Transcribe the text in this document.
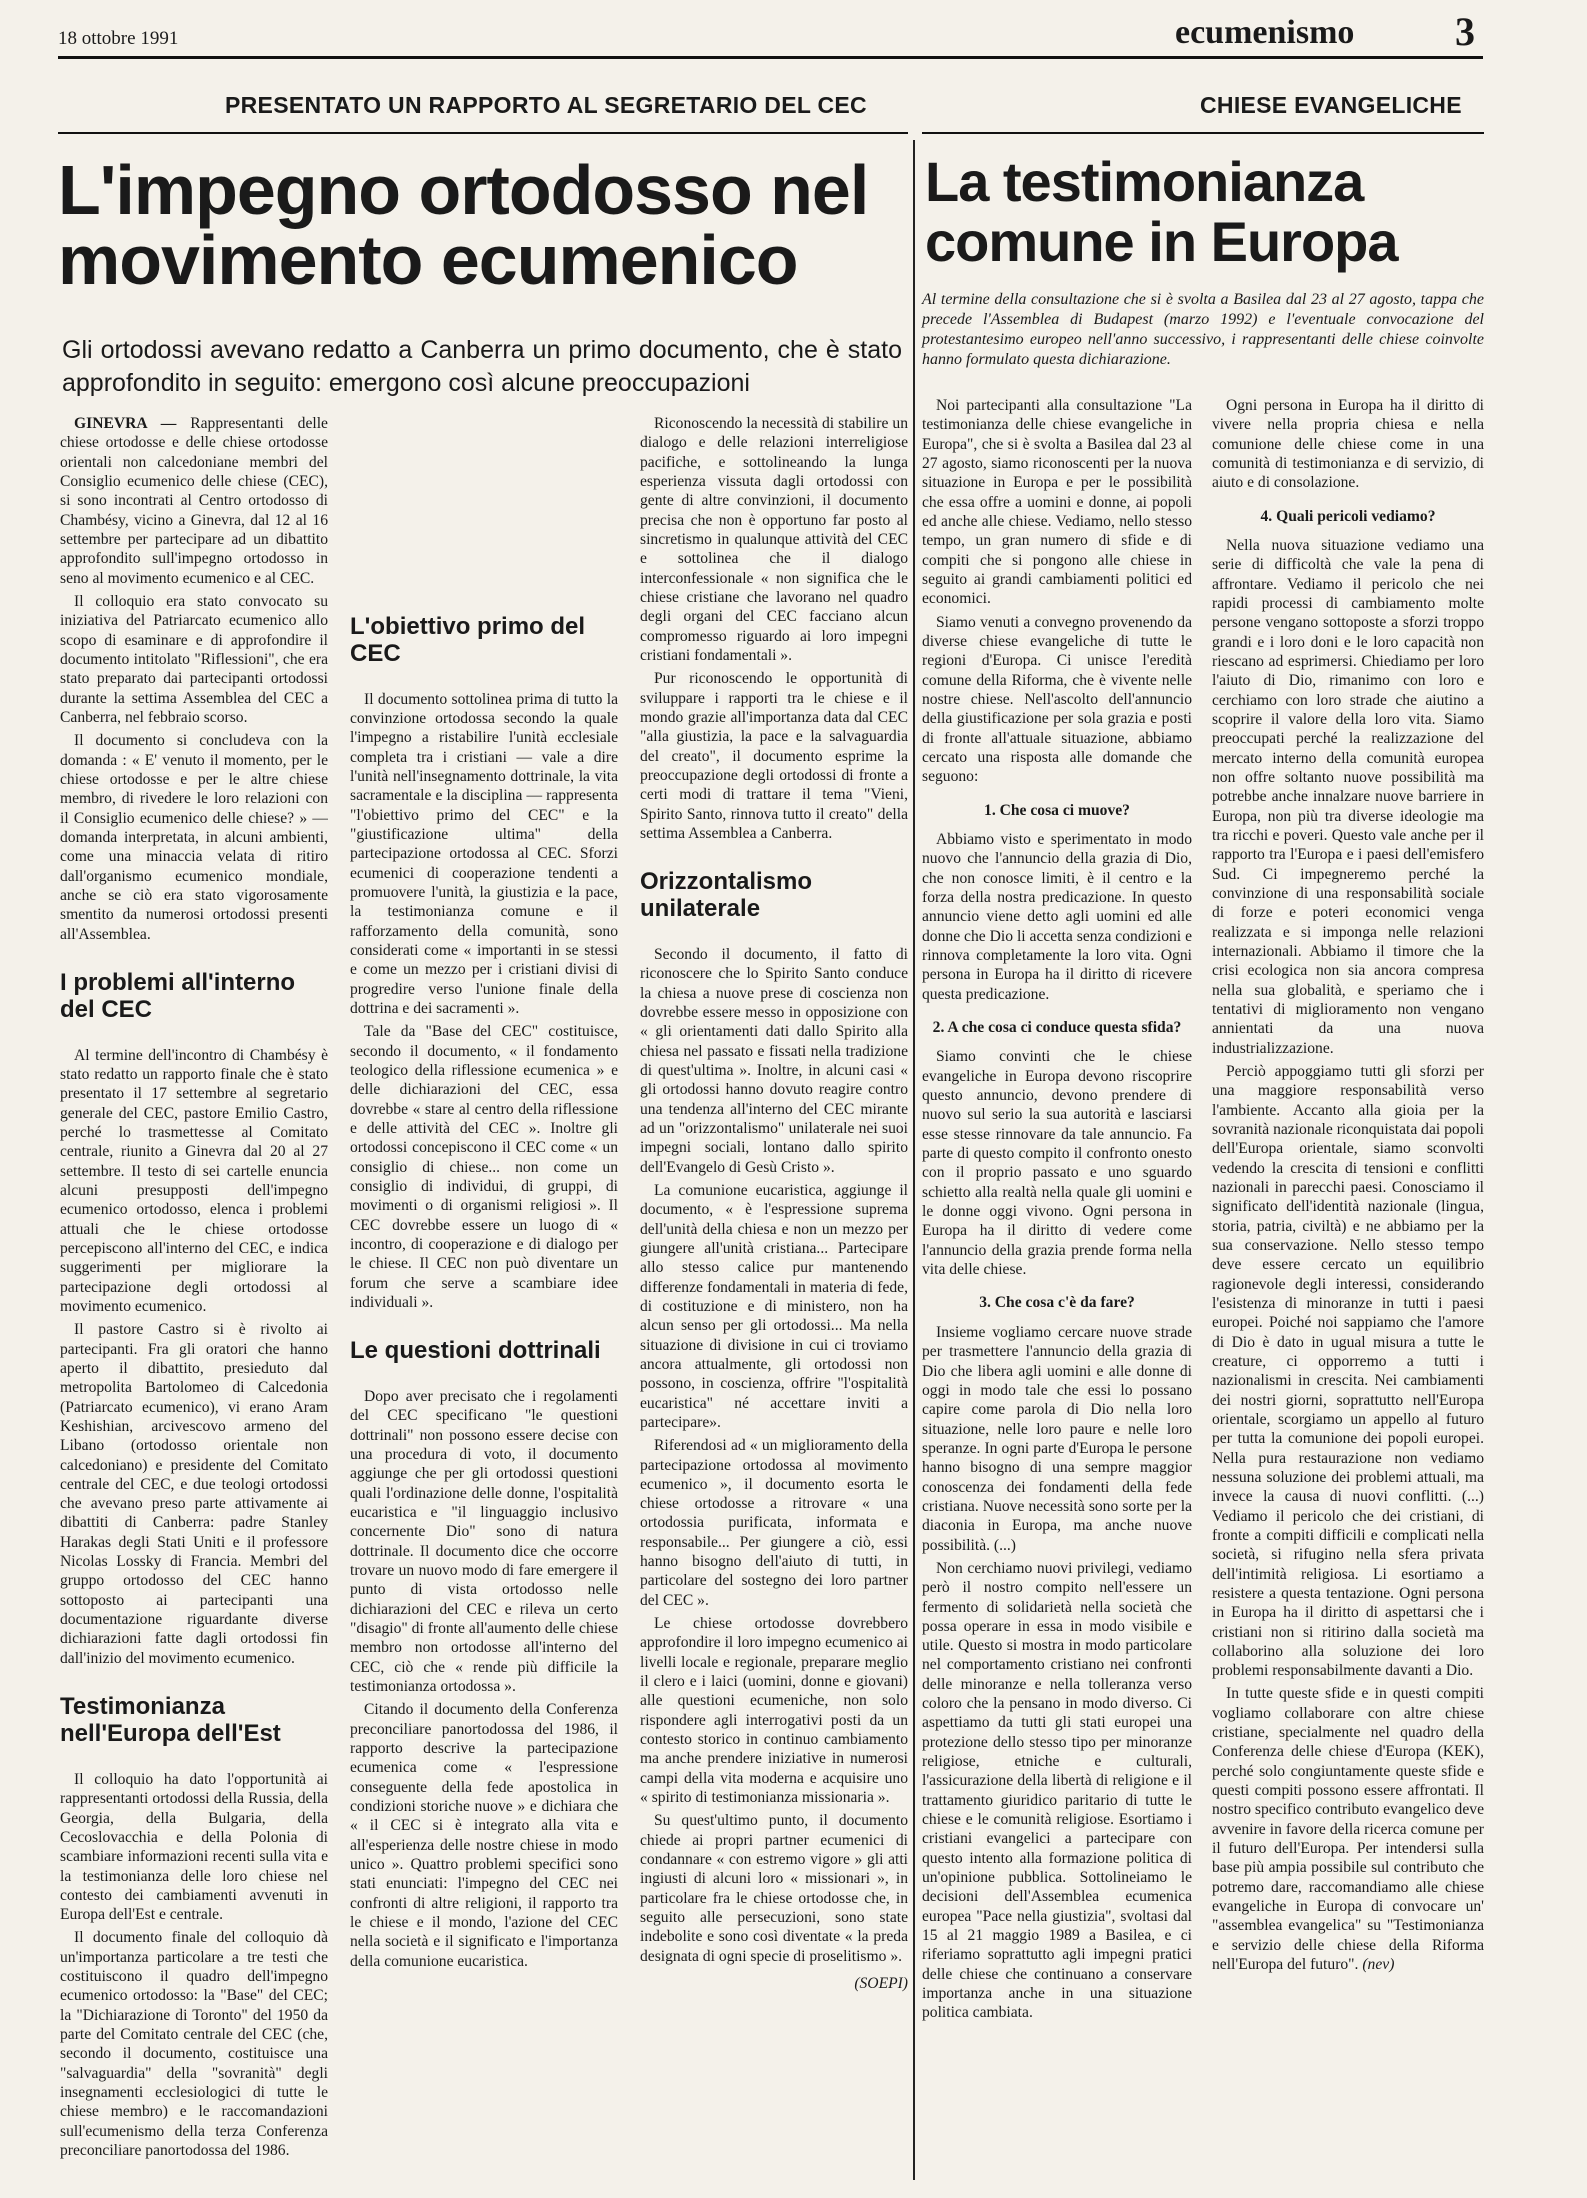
18 ottobre 1991	ecumenismo	3
PRESENTATO UN RAPPORTO AL SEGRETARIO DEL CEC	CHIESE EVANGELICHE
L'impegno ortodosso nel movimento ecumenico
La testimonianza comune in Europa
Gli ortodossi avevano redatto a Canberra un primo documento, che è stato approfondito in seguito: emergono così alcune preoccupazioni
Al termine della consultazione che si è svolta a Basilea dal 23 al 27 agosto, tappa che precede l'Assemblea di Budapest (marzo 1992) e l'eventuale convocazione del protestantesimo europeo nell'anno successivo, i rappresentanti delle chiese coinvolte hanno formulato questa dichiarazione.

GINEVRA — Rappresentanti delle chiese ortodosse e delle chiese ortodosse orientali non calcedoniane membri del Consiglio ecumenico delle chiese (CEC), si sono incontrati al Centro ortodosso di Chambésy, vicino a Ginevra, dal 12 al 16 settembre per partecipare ad un dibattito approfondito sull'impegno ortodosso in seno al movimento ecumenico e al CEC.

Il colloquio era stato convocato su iniziativa del Patriarcato ecumenico allo scopo di esaminare e di approfondire il documento intitolato "Riflessioni", che era stato preparato dai partecipanti ortodossi durante la settima Assemblea del CEC a Canberra, nel febbraio scorso.

Il documento si concludeva con la domanda : « E' venuto il momento, per le chiese ortodosse e per le altre chiese membro, di rivedere le loro relazioni con il Consiglio ecumenico delle chiese? » — domanda interpretata, in alcuni ambienti, come una minaccia velata di ritiro dall'organismo ecumenico mondiale, anche se ciò era stato vigorosamente smentito da numerosi ortodossi presenti all'Assemblea.

I problemi all'interno del CEC

Al termine dell'incontro di Chambésy è stato redatto un rapporto finale che è stato presentato il 17 settembre al segretario generale del CEC, pastore Emilio Castro, perché lo trasmettesse al Comitato centrale, riunito a Ginevra dal 20 al 27 settembre. Il testo di sei cartelle enuncia alcuni presupposti dell'impegno ecumenico ortodosso, elenca i problemi attuali che le chiese ortodosse percepiscono all'interno del CEC, e indica suggerimenti per migliorare la partecipazione degli ortodossi al movimento ecumenico.

Il pastore Castro si è rivolto ai partecipanti. Fra gli oratori che hanno aperto il dibattito, presieduto dal metropolita Bartolomeo di Calcedonia (Patriarcato ecumenico), vi erano Aram Keshishian, arcivescovo armeno del Libano (ortodosso orientale non calcedoniano) e presidente del Comitato centrale del CEC, e due teologi ortodossi che avevano preso parte attivamente ai dibattiti di Canberra: padre Stanley Harakas degli Stati Uniti e il professore Nicolas Lossky di Francia. Membri del gruppo ortodosso del CEC hanno sottoposto ai partecipanti una documentazione riguardante diverse dichiarazioni fatte dagli ortodossi fin dall'inizio del movimento ecumenico.

Testimonianza nell'Europa dell'Est

Il colloquio ha dato l'opportunità ai rappresentanti ortodossi della Russia, della Georgia, della Bulgaria, della Cecoslovacchia e della Polonia di scambiare informazioni recenti sulla vita e la testimonianza delle loro chiese nel contesto dei cambiamenti avvenuti in Europa dell'Est e centrale.

Il documento finale del colloquio dà un'importanza particolare a tre testi che costituiscono il quadro dell'impegno ecumenico ortodosso: la "Base" del CEC; la "Dichiarazione di Toronto" del 1950 da parte del Comitato centrale del CEC (che, secondo il documento, costituisce una "salvaguardia" della "sovranità" degli insegnamenti ecclesiologici di tutte le chiese membro) e le raccomandazioni sull'ecumenismo della terza Conferenza preconciliare panortodossa del 1986.

L'obiettivo primo del CEC

Il documento sottolinea prima di tutto la convinzione ortodossa secondo la quale l'impegno a ristabilire l'unità ecclesiale completa tra i cristiani — vale a dire l'unità nell'insegnamento dottrinale, la vita sacramentale e la disciplina — rappresenta "l'obiettivo primo del CEC" e la "giustificazione ultima" della partecipazione ortodossa al CEC. Sforzi ecumenici di cooperazione tendenti a promuovere l'unità, la giustizia e la pace, la testimonianza comune e il rafforzamento della comunità, sono considerati come « importanti in se stessi e come un mezzo per i cristiani divisi di progredire verso l'unione finale della dottrina e dei sacramenti ».

Tale da "Base del CEC" costituisce, secondo il documento, « il fondamento teologico della riflessione ecumenica » e delle dichiarazioni del CEC, essa dovrebbe « stare al centro della riflessione e delle attività del CEC ». Inoltre gli ortodossi concepiscono il CEC come « un consiglio di chiese... non come un consiglio di individui, di gruppi, di movimenti o di organismi religiosi ». Il CEC dovrebbe essere un luogo di « incontro, di cooperazione e di dialogo per le chiese. Il CEC non può diventare un forum che serve a scambiare idee individuali ».

Le questioni dottrinali

Dopo aver precisato che i regolamenti del CEC specificano "le questioni dottrinali" non possono essere decise con una procedura di voto, il documento aggiunge che per gli ortodossi questioni quali l'ordinazione delle donne, l'ospitalità eucaristica e "il linguaggio inclusivo concernente Dio" sono di natura dottrinale. Il documento dice che occorre trovare un nuovo modo di fare emergere il punto di vista ortodosso nelle dichiarazioni del CEC e rileva un certo "disagio" di fronte all'aumento delle chiese membro non ortodosse all'interno del CEC, ciò che « rende più difficile la testimonianza ortodossa ».

Citando il documento della Conferenza preconciliare panortodossa del 1986, il rapporto descrive la partecipazione ecumenica come « l'espressione conseguente della fede apostolica in condizioni storiche nuove » e dichiara che « il CEC si è integrato alla vita e all'esperienza delle nostre chiese in modo unico ». Quattro problemi specifici sono stati enunciati: l'impegno del CEC nei confronti di altre religioni, il rapporto tra le chiese e il mondo, l'azione del CEC nella società e il significato e l'importanza della comunione eucaristica.

Riconoscendo la necessità di stabilire un dialogo e delle relazioni interreligiose pacifiche, e sottolineando la lunga esperienza vissuta dagli ortodossi con gente di altre convinzioni, il documento precisa che non è opportuno far posto al sincretismo in qualunque attività del CEC e sottolinea che il dialogo interconfessionale « non significa che le chiese cristiane che lavorano nel quadro degli organi del CEC facciano alcun compromesso riguardo ai loro impegni cristiani fondamentali ».

Pur riconoscendo le opportunità di sviluppare i rapporti tra le chiese e il mondo grazie all'importanza data dal CEC "alla giustizia, la pace e la salvaguardia del creato", il documento esprime la preoccupazione degli ortodossi di fronte a certi modi di trattare il tema "Vieni, Spirito Santo, rinnova tutto il creato" della settima Assemblea a Canberra.

Orizzontalismo unilaterale

Secondo il documento, il fatto di riconoscere che lo Spirito Santo conduce la chiesa a nuove prese di coscienza non dovrebbe essere messo in opposizione con « gli orientamenti dati dallo Spirito alla chiesa nel passato e fissati nella tradizione di quest'ultima ». Inoltre, in alcuni casi « gli ortodossi hanno dovuto reagire contro una tendenza all'interno del CEC mirante ad un "orizzontalismo" unilaterale nei suoi impegni sociali, lontano dallo spirito dell'Evangelo di Gesù Cristo ».

La comunione eucaristica, aggiunge il documento, « è l'espressione suprema dell'unità della chiesa e non un mezzo per giungere all'unità cristiana... Partecipare allo stesso calice pur mantenendo differenze fondamentali in materia di fede, di costituzione e di ministero, non ha alcun senso per gli ortodossi... Ma nella situazione di divisione in cui ci troviamo ancora attualmente, gli ortodossi non possono, in coscienza, offrire "l'ospitalità eucaristica" né accettare inviti a partecipare».

Riferendosi ad « un miglioramento della partecipazione ortodossa al movimento ecumenico », il documento esorta le chiese ortodosse a ritrovare « una ortodossia purificata, informata e responsabile... Per giungere a ciò, essi hanno bisogno dell'aiuto di tutti, in particolare del sostegno dei loro partner del CEC ».

Le chiese ortodosse dovrebbero approfondire il loro impegno ecumenico ai livelli locale e regionale, preparare meglio il clero e i laici (uomini, donne e giovani) alle questioni ecumeniche, non solo rispondere agli interrogativi posti da un contesto storico in continuo cambiamento ma anche prendere iniziative in numerosi campi della vita moderna e acquisire uno « spirito di testimonianza missionaria ».

Su quest'ultimo punto, il documento chiede ai propri partner ecumenici di condannare « con estremo vigore » gli atti ingiusti di alcuni loro « missionari », in particolare fra le chiese ortodosse che, in seguito alle persecuzioni, sono state indebolite e sono così diventate « la preda designata di ogni specie di proselitismo ».

(SOEPI)

Noi partecipanti alla consultazione "La testimonianza delle chiese evangeliche in Europa", che si è svolta a Basilea dal 23 al 27 agosto, siamo riconoscenti per la nuova situazione in Europa e per le possibilità che essa offre a uomini e donne, ai popoli ed anche alle chiese. Vediamo, nello stesso tempo, un gran numero di sfide e di compiti che si pongono alle chiese in seguito ai grandi cambiamenti politici ed economici.

Siamo venuti a convegno provenendo da diverse chiese evangeliche di tutte le regioni d'Europa. Ci unisce l'eredità comune della Riforma, che è vivente nelle nostre chiese. Nell'ascolto dell'annuncio della giustificazione per sola grazia e posti di fronte all'attuale situazione, abbiamo cercato una risposta alle domande che seguono:

1. Che cosa ci muove?

Abbiamo visto e sperimentato in modo nuovo che l'annuncio della grazia di Dio, che non conosce limiti, è il centro e la forza della nostra predicazione. In questo annuncio viene detto agli uomini ed alle donne che Dio li accetta senza condizioni e rinnova completamente la loro vita. Ogni persona in Europa ha il diritto di ricevere questa predicazione.

2. A che cosa ci conduce questa sfida?

Siamo convinti che le chiese evangeliche in Europa devono riscoprire questo annuncio, devono prendere di nuovo sul serio la sua autorità e lasciarsi esse stesse rinnovare da tale annuncio. Fa parte di questo compito il confronto onesto con il proprio passato e uno sguardo schietto alla realtà nella quale gli uomini e le donne oggi vivono. Ogni persona in Europa ha il diritto di vedere come l'annuncio della grazia prende forma nella vita delle chiese.

3. Che cosa c'è da fare?

Insieme vogliamo cercare nuove strade per trasmettere l'annuncio della grazia di Dio che libera agli uomini e alle donne di oggi in modo tale che essi lo possano capire come parola di Dio nella loro situazione, nelle loro paure e nelle loro speranze. In ogni parte d'Europa le persone hanno bisogno di una sempre maggior conoscenza dei fondamenti della fede cristiana. Nuove necessità sono sorte per la diaconia in Europa, ma anche nuove possibilità. (...)

Non cerchiamo nuovi privilegi, vediamo però il nostro compito nell'essere un fermento di solidarietà nella società che possa operare in essa in modo visibile e utile. Questo si mostra in modo particolare nel comportamento cristiano nei confronti delle minoranze e nella tolleranza verso coloro che la pensano in modo diverso. Ci aspettiamo da tutti gli stati europei una protezione dello stesso tipo per minoranze religiose, etniche e culturali, l'assicurazione della libertà di religione e il trattamento giuridico paritario di tutte le chiese e le comunità religiose. Esortiamo i cristiani evangelici a partecipare con questo intento alla formazione politica di un'opinione pubblica. Sottolineiamo le decisioni dell'Assemblea ecumenica europea "Pace nella giustizia", svoltasi dal 15 al 21 maggio 1989 a Basilea, e ci riferiamo soprattutto agli impegni pratici delle chiese che continuano a conservare importanza anche in una situazione politica cambiata.

Ogni persona in Europa ha il diritto di vivere nella propria chiesa e nella comunione delle chiese come in una comunità di testimonianza e di servizio, di aiuto e di consolazione.

4. Quali pericoli vediamo?

Nella nuova situazione vediamo una serie di difficoltà che vale la pena di affrontare. Vediamo il pericolo che nei rapidi processi di cambiamento molte persone vengano sottoposte a sforzi troppo grandi e i loro doni e le loro capacità non riescano ad esprimersi. Chiediamo per loro l'aiuto di Dio, rimanimo con loro e cerchiamo con loro strade che aiutino a scoprire il valore della loro vita. Siamo preoccupati perché la realizzazione del mercato interno della comunità europea non offre soltanto nuove possibilità ma potrebbe anche innalzare nuove barriere in Europa, non più tra diverse ideologie ma tra ricchi e poveri. Questo vale anche per il rapporto tra l'Europa e i paesi dell'emisfero Sud. Ci impegneremo perché la convinzione di una responsabilità sociale di forze e poteri economici venga realizzata e si imponga nelle relazioni internazionali. Abbiamo il timore che la crisi ecologica non sia ancora compresa nella sua globalità, e speriamo che i tentativi di miglioramento non vengano annientati da una nuova industrializzazione.

Perciò appoggiamo tutti gli sforzi per una maggiore responsabilità verso l'ambiente. Accanto alla gioia per la sovranità nazionale riconquistata dai popoli dell'Europa orientale, siamo sconvolti vedendo la crescita di tensioni e conflitti nazionali in parecchi paesi. Conosciamo il significato dell'identità nazionale (lingua, storia, patria, civiltà) e ne abbiamo per la sua conservazione. Nello stesso tempo deve essere cercato un equilibrio ragionevole degli interessi, considerando l'esistenza di minoranze in tutti i paesi europei. Poiché noi sappiamo che l'amore di Dio è dato in ugual misura a tutte le creature, ci opporremo a tutti i nazionalismi in crescita. Nei cambiamenti dei nostri giorni, soprattutto nell'Europa orientale, scorgiamo un appello al futuro per tutta la comunione dei popoli europei. Nella pura restaurazione non vediamo nessuna soluzione dei problemi attuali, ma invece la causa di nuovi conflitti. (...) Vediamo il pericolo che dei cristiani, di fronte a compiti difficili e complicati nella società, si rifugino nella sfera privata dell'intimità religiosa. Li esortiamo a resistere a questa tentazione. Ogni persona in Europa ha il diritto di aspettarsi che i cristiani non si ritirino dalla società ma collaborino alla soluzione dei loro problemi responsabilmente davanti a Dio.

In tutte queste sfide e in questi compiti vogliamo collaborare con altre chiese cristiane, specialmente nel quadro della Conferenza delle chiese d'Europa (KEK), perché solo congiuntamente queste sfide e questi compiti possono essere affrontati. Il nostro specifico contributo evangelico deve avvenire in favore della ricerca comune per il futuro dell'Europa. Per intendersi sulla base più ampia possibile sul contributo che potremo dare, raccomandiamo alle chiese evangeliche in Europa di convocare un' "assemblea evangelica" su "Testimonianza e servizio delle chiese della Riforma nell'Europa del futuro". (nev)
